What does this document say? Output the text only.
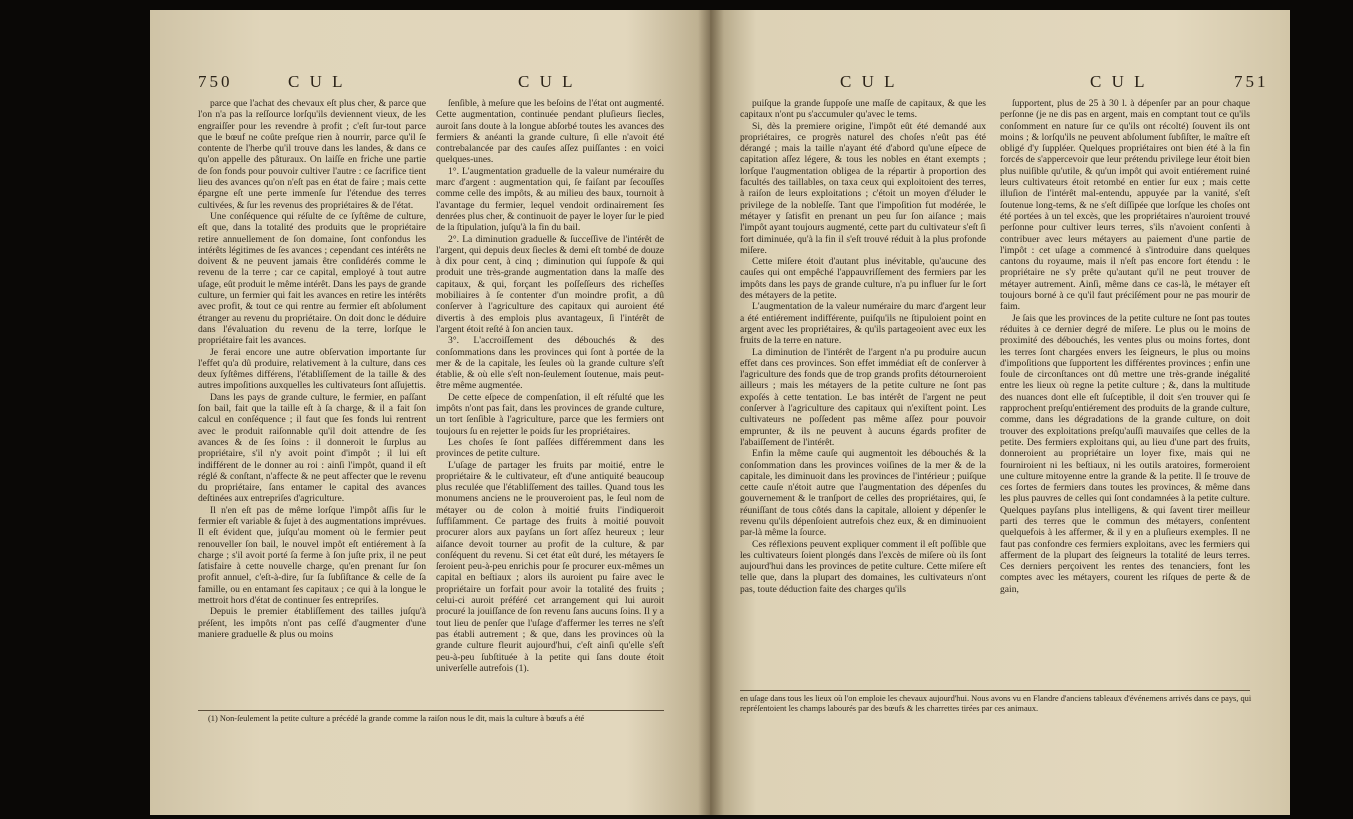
750	C U L	C U L

parce que l'achat des chevaux eſt plus cher, & parce que l'on n'a pas la reſſource lorſqu'ils deviennent vieux, de les engraiſſer pour les revendre à profit ; c'eſt ſur-tout parce que le bœuf ne coûte preſque rien à nourrir, parce qu'il ſe contente de l'herbe qu'il trouve dans les landes, & dans ce qu'on appelle des pâturaux. On laiſſe en friche une partie de ſon fonds pour pouvoir cultiver l'autre : ce ſacrifice tient lieu des avances qu'on n'eſt pas en état de faire ; mais cette épargne eſt une perte immenſe ſur l'étendue des terres cultivées, & ſur les revenus des propriétaires & de l'état.

Une conſéquence qui réſulte de ce ſyſtême de culture, eſt que, dans la totalité des produits que le propriétaire retire annuellement de ſon domaine, ſont confondus les intérêts légitimes de ſes avances ; cependant ces intérêts ne doivent & ne peuvent jamais être conſidérés comme le revenu de la terre ; car ce capital, employé à tout autre uſage, eût produit le même intérêt. Dans les pays de grande culture, un fermier qui fait les avances en retire les intérêts avec profit, & tout ce qui rentre au fermier eſt abſolument étranger au revenu du propriétaire. On doit donc le déduire dans l'évaluation du revenu de la terre, lorſque le propriétaire fait les avances.

Je ferai encore une autre obſervation importante ſur l'effet qu'a dû produire, relativement à la culture, dans ces deux ſyſtêmes différens, l'établiſſement de la taille & des autres impoſitions auxquelles les cultivateurs ſont aſſujettis.

Dans les pays de grande culture, le fermier, en paſſant ſon bail, fait que la taille eſt à ſa charge, & il a fait ſon calcul en conſéquence ; il faut que ſes fonds lui rentrent avec le produit raiſonnable qu'il doit attendre de ſes avances & de ſes ſoins : il donneroit le ſurplus au propriétaire, s'il n'y avoit point d'impôt ; il lui eſt indifférent de le donner au roi : ainſi l'impôt, quand il eſt réglé & conſtant, n'affecte & ne peut affecter que le revenu du propriétaire, ſans entamer le capital des avances deſtinées aux entrepriſes d'agriculture.

Il n'en eſt pas de même lorſque l'impôt aſſis ſur le fermier eſt variable & ſujet à des augmentations imprévues. Il eſt évident que, juſqu'au moment où le fermier peut renouveller ſon bail, le nouvel impôt eſt entiérement à ſa charge ; s'il avoit porté ſa ferme à ſon juſte prix, il ne peut ſatisfaire à cette nouvelle charge, qu'en prenant ſur ſon profit annuel, c'eſt-à-dire, ſur ſa ſubſiſtance & celle de ſa famille, ou en entamant ſes capitaux ; ce qui à la longue le mettroit hors d'état de continuer ſes entrepriſes.

Depuis le premier établiſſement des tailles juſqu'à préſent, les impôts n'ont pas ceſſé d'augmenter d'une maniere graduelle & plus ou moins

ſenſible, à meſure que les beſoins de l'état ont augmenté. Cette augmentation, continuée pendant pluſieurs ſiecles, auroit ſans doute à la longue abſorbé toutes les avances des fermiers & anéanti la grande culture, ſi elle n'avoit été contrebalancée par des cauſes aſſez puiſſantes : en voici quelques-unes.

1°. L'augmentation graduelle de la valeur numéraire du marc d'argent : augmentation qui, ſe faiſant par ſecouſſes comme celle des impôts, & au milieu des baux, tournoit à l'avantage du fermier, lequel vendoit ordinairement ſes denrées plus cher, & continuoit de payer le loyer ſur le pied de la ſtipulation, juſqu'à la fin du bail.

2°. La diminution graduelle & ſucceſſive de l'intérêt de l'argent, qui depuis deux ſiecles & demi eſt tombé de douze à dix pour cent, à cinq ; diminution qui ſuppoſe & qui produit une très-grande augmentation dans la maſſe des capitaux, & qui, forçant les poſſeſſeurs des richeſſes mobiliaires à ſe contenter d'un moindre profit, a dû conſerver à l'agriculture des capitaux qui auroient été divertis à des emplois plus avantageux, ſi l'intérêt de l'argent étoit reſté à ſon ancien taux.

3°. L'accroiſſement des débouchés & des conſommations dans les provinces qui ſont à portée de la mer & de la capitale, les ſeules où la grande culture s'eſt établie, & où elle s'eſt non-ſeulement ſoutenue, mais peut-être même augmentée.

De cette eſpece de compenſation, il eſt réſulté que les impôts n'ont pas fait, dans les provinces de grande culture, un tort ſenſible à l'agriculture, parce que les fermiers ont toujours ſu en rejetter le poids ſur les propriétaires.

Les choſes ſe ſont paſſées différemment dans les provinces de petite culture.

L'uſage de partager les fruits par moitié, entre le propriétaire & le cultivateur, eſt d'une antiquité beaucoup plus reculée que l'établiſſement des tailles. Quand tous les monumens anciens ne le prouveroient pas, le ſeul nom de métayer ou de colon à moitié fruits l'indiqueroit ſuffiſamment. Ce partage des fruits à moitié pouvoit procurer alors aux payſans un ſort aſſez heureux ; leur aiſance devoit tourner au profit de la culture, & par conſéquent du revenu. Si cet état eût duré, les métayers ſe ſeroient peu-à-peu enrichis pour ſe procurer eux-mêmes un capital en beſtiaux ; alors ils auroient pu faire avec le propriétaire un forfait pour avoir la totalité des fruits ; celui-ci auroit préféré cet arrangement qui lui auroit procuré la jouiſſance de ſon revenu ſans aucuns ſoins. Il y a tout lieu de penſer que l'uſage d'affermer les terres ne s'eſt pas établi autrement ; & que, dans les provinces où la grande culture fleurit aujourd'hui, c'eſt ainſi qu'elle s'eſt peu-à-peu ſubſtituée à la petite qui ſans doute étoit univerſelle autrefois (1).

(1) Non-ſeulement la petite culture a précédé la grande comme la raiſon nous le dit, mais la culture à bœufs a été
C U L	C U L	751

puiſque la grande ſuppoſe une maſſe de capitaux, & que les capitaux n'ont pu s'accumuler qu'avec le tems.

Si, dès la premiere origine, l'impôt eût été demandé aux propriétaires, ce progrès naturel des choſes n'eût pas été dérangé ; mais la taille n'ayant été d'abord qu'une eſpece de capitation aſſez légere, & tous les nobles en étant exempts ; lorſque l'augmentation obligea de la répartir à proportion des facultés des taillables, on taxa ceux qui exploitoient des terres, à raiſon de leurs exploitations ; c'étoit un moyen d'éluder le privilege de la nobleſſe. Tant que l'impoſition fut modérée, le métayer y ſatisfit en prenant un peu ſur ſon aiſance ; mais l'impôt ayant toujours augmenté, cette part du cultivateur s'eſt ſi fort diminuée, qu'à la fin il s'eſt trouvé réduit à la plus profonde miſere.

Cette miſere étoit d'autant plus inévitable, qu'aucune des cauſes qui ont empêché l'appauvriſſement des fermiers par les impôts dans les pays de grande culture, n'a pu influer ſur le ſort des métayers de la petite.

L'augmentation de la valeur numéraire du marc d'argent leur a été entiérement indifférente, puiſqu'ils ne ſtipuloient point en argent avec les propriétaires, & qu'ils partageoient avec eux les fruits de la terre en nature.

La diminution de l'intérêt de l'argent n'a pu produire aucun effet dans ces provinces. Son effet immédiat eſt de conſerver à l'agriculture des fonds que de trop grands profits détourneroient ailleurs ; mais les métayers de la petite culture ne ſont pas expoſés à cette tentation. Le bas intérêt de l'argent ne peut conſerver à l'agriculture des capitaux qui n'exiſtent point. Les cultivateurs ne poſſedent pas même aſſez pour pouvoir emprunter, & ils ne peuvent à aucuns égards profiter de l'abaiſſement de l'intérêt.

Enfin la même cauſe qui augmentoit les débouchés & la conſommation dans les provinces voiſines de la mer & de la capitale, les diminuoit dans les provinces de l'intérieur ; puiſque cette cauſe n'étoit autre que l'augmentation des dépenſes du gouvernement & le tranſport de celles des propriétaires, qui, ſe réuniſſant de tous côtés dans la capitale, alloient y dépenſer le revenu qu'ils dépenſoient autrefois chez eux, & en diminuoient par-là même la ſource.

Ces réflexions peuvent expliquer comment il eſt poſſible que les cultivateurs ſoient plongés dans l'excès de miſere où ils ſont aujourd'hui dans les provinces de petite culture. Cette miſere eſt telle que, dans la plupart des domaines, les cultivateurs n'ont pas, toute déduction faite des charges qu'ils

ſupportent, plus de 25 à 30 l. à dépenſer par an pour chaque perſonne (je ne dis pas en argent, mais en comptant tout ce qu'ils conſomment en nature ſur ce qu'ils ont récolté) ſouvent ils ont moins ; & lorſqu'ils ne peuvent abſolument ſubſiſter, le maître eſt obligé d'y ſuppléer. Quelques propriétaires ont bien été à la fin forcés de s'appercevoir que leur prétendu privilege leur étoit bien plus nuiſible qu'utile, & qu'un impôt qui avoit entiérement ruiné leurs cultivateurs étoit retombé en entier ſur eux ; mais cette illuſion de l'intérêt mal-entendu, appuyée par la vanité, s'eſt ſoutenue long-tems, & ne s'eſt diſſipée que lorſque les choſes ont été portées à un tel excès, que les propriétaires n'auroient trouvé perſonne pour cultiver leurs terres, s'ils n'avoient conſenti à contribuer avec leurs métayers au paiement d'une partie de l'impôt : cet uſage a commencé à s'introduire dans quelques cantons du royaume, mais il n'eſt pas encore fort étendu : le propriétaire ne s'y prête qu'autant qu'il ne peut trouver de métayer autrement. Ainſi, même dans ce cas-là, le métayer eſt toujours borné à ce qu'il faut préciſément pour ne pas mourir de faim.

Je ſais que les provinces de la petite culture ne ſont pas toutes réduites à ce dernier degré de miſere. Le plus ou le moins de proximité des débouchés, les ventes plus ou moins fortes, dont les terres ſont chargées envers les ſeigneurs, le plus ou moins d'impoſitions que ſupportent les différentes provinces ; enfin une foule de circonſtances ont dû mettre une très-grande inégalité entre les lieux où regne la petite culture ; &, dans la multitude des nuances dont elle eſt ſuſceptible, il doit s'en trouver qui ſe rapprochent preſqu'entiérement des produits de la grande culture, comme, dans les dégradations de la grande culture, on doit trouver des exploitations preſqu'auſſi mauvaiſes que celles de la petite. Des fermiers exploitans qui, au lieu d'une part des fruits, donneroient au propriétaire un loyer fixe, mais qui ne fourniroient ni les beſtiaux, ni les outils aratoires, formeroient une culture mitoyenne entre la grande & la petite. Il ſe trouve de ces ſortes de fermiers dans toutes les provinces, & même dans les plus pauvres de celles qui ſont condamnées à la petite culture. Quelques payſans plus intelligens, & qui ſavent tirer meilleur parti des terres que le commun des métayers, conſentent quelquefois à les affermer, & il y en a pluſieurs exemples. Il ne faut pas confondre ces fermiers exploitans, avec les fermiers qui afferment de la plupart des ſeigneurs la totalité de leurs terres. Ces derniers perçoivent les rentes des tenanciers, font les comptes avec les métayers, courent les riſques de perte & de gain,

en uſage dans tous les lieux où l'on emploie les chevaux aujourd'hui. Nous avons vu en Flandre d'anciens tableaux d'événemens arrivés dans ce pays, qui repréſentoient les champs labourés par des bœufs & les charrettes tirées par ces animaux.
